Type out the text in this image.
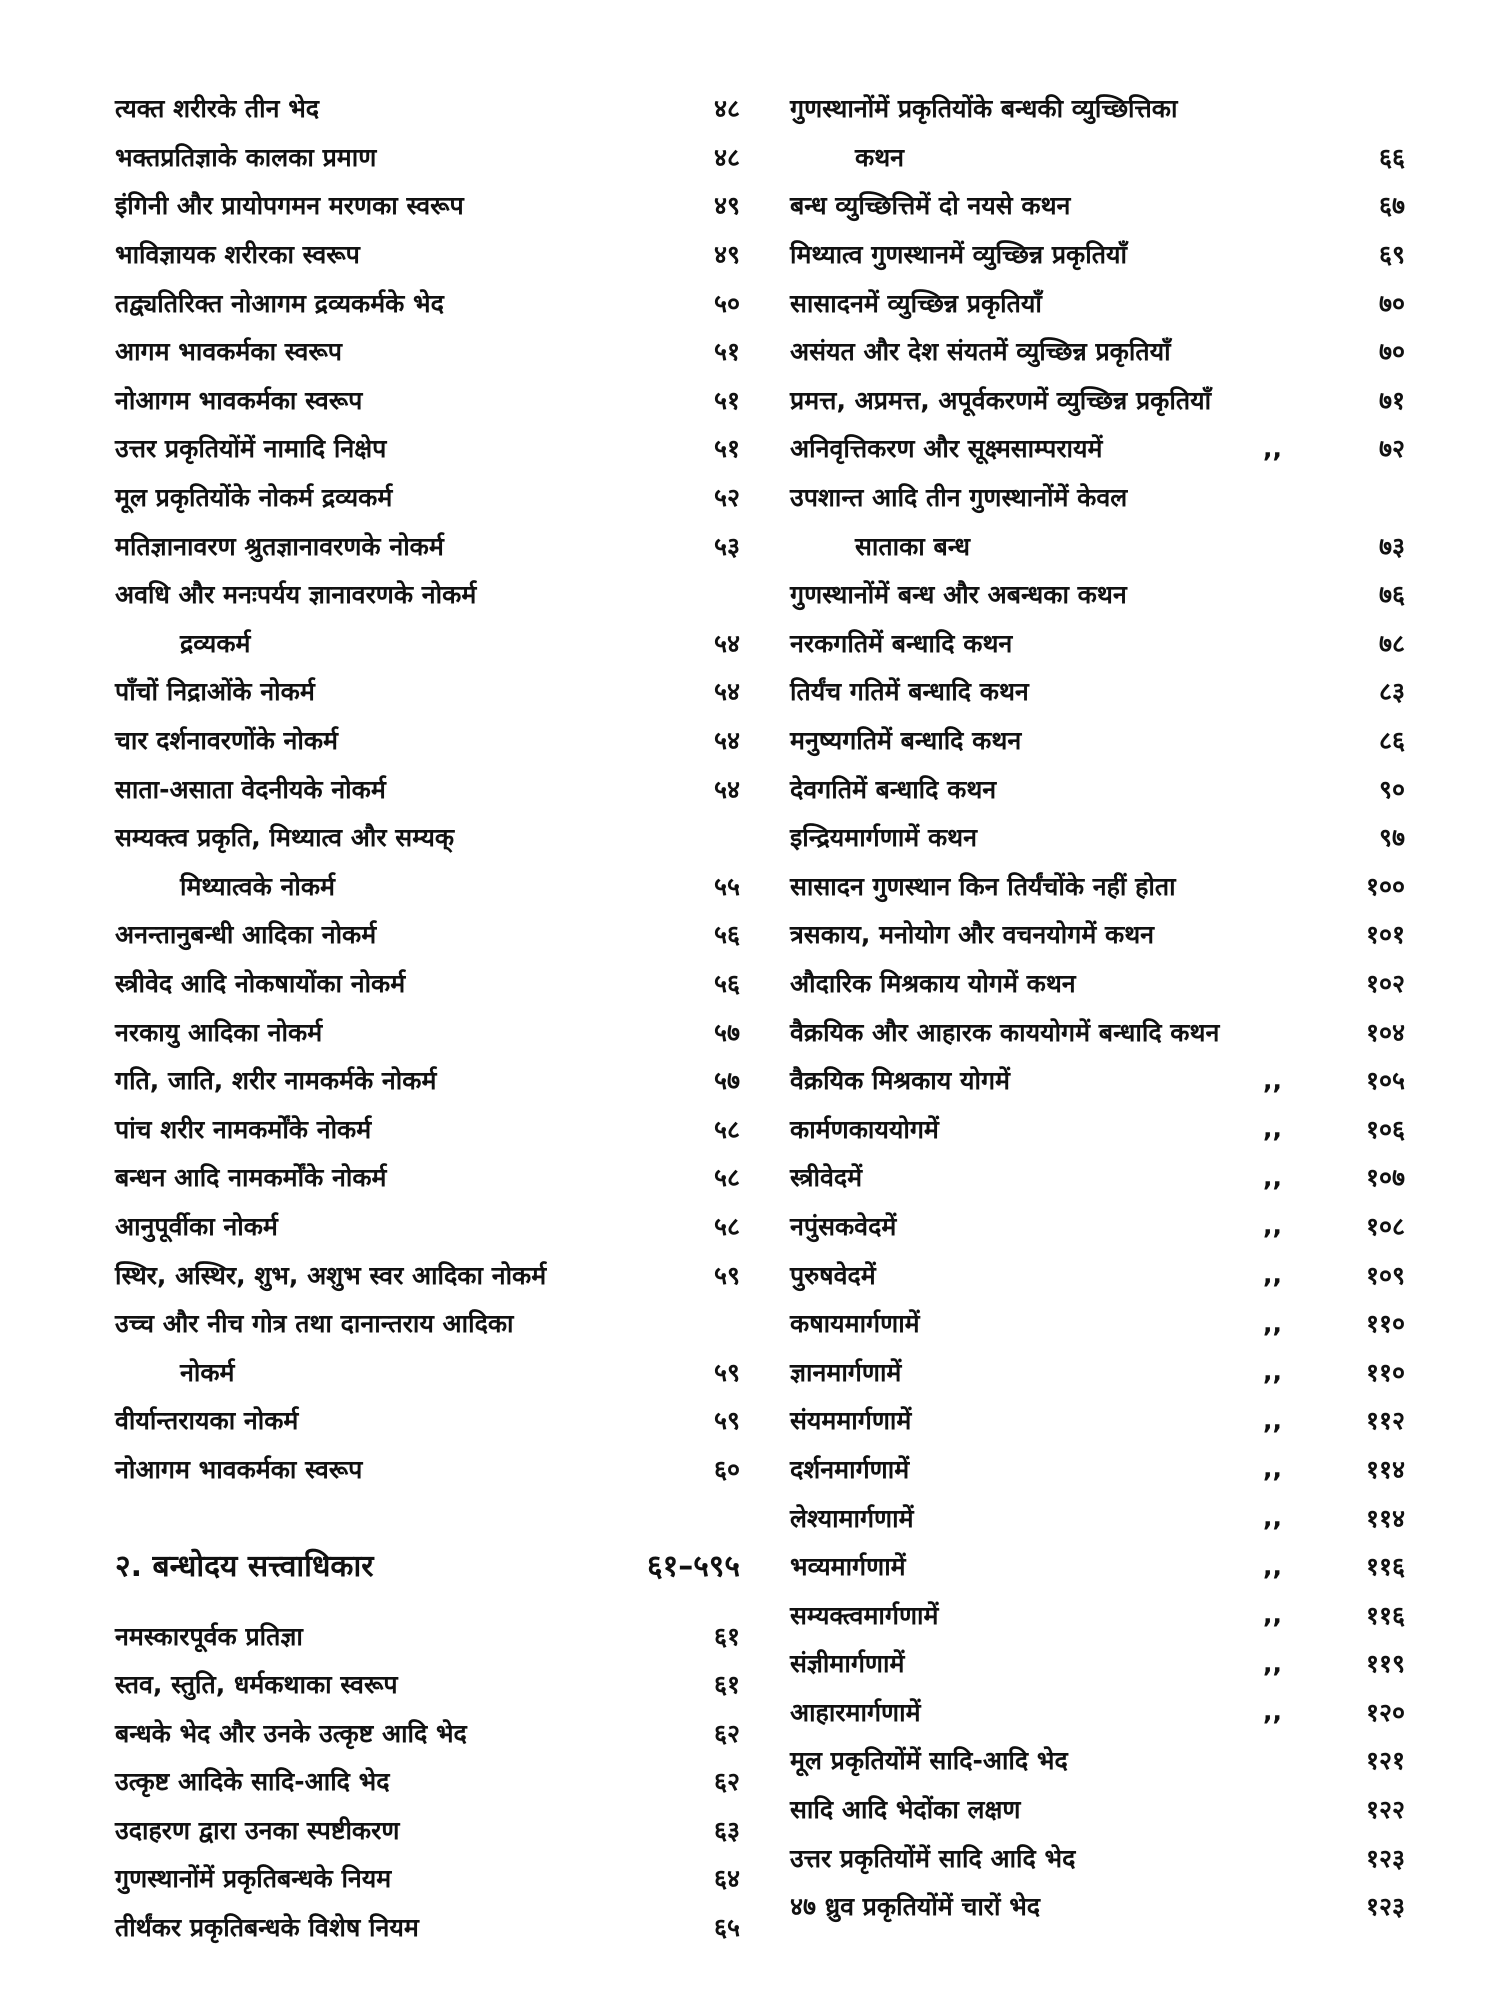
त्यक्त शरीरके तीन भेद	४८
भक्तप्रतिज्ञाके कालका प्रमाण	४८
इंगिनी और प्रायोपगमन मरणका स्वरूप	४९
भाविज्ञायक शरीरका स्वरूप	४९
तद्व्यतिरिक्त नोआगम द्रव्यकर्मके भेद	५०
आगम भावकर्मका स्वरूप	५१
नोआगम भावकर्मका स्वरूप	५१
उत्तर प्रकृतियोंमें नामादि निक्षेप	५१
मूल प्रकृतियोंके नोकर्म द्रव्यकर्म	५२
मतिज्ञानावरण श्रुतज्ञानावरणके नोकर्म	५३
अवधि और मनःपर्यय ज्ञानावरणके नोकर्म
द्रव्यकर्म	५४
पाँचों निद्राओंके नोकर्म	५४
चार दर्शनावरणोंके नोकर्म	५४
साता-असाता वेदनीयके नोकर्म	५४
सम्यक्त्व प्रकृति, मिथ्यात्व और सम्यक्
मिथ्यात्वके नोकर्म	५५
अनन्तानुबन्धी आदिका नोकर्म	५६
स्त्रीवेद आदि नोकषायोंका नोकर्म	५६
नरकायु आदिका नोकर्म	५७
गति, जाति, शरीर नामकर्मके नोकर्म	५७
पांच शरीर नामकर्मोंके नोकर्म	५८
बन्धन आदि नामकर्मोंके नोकर्म	५८
आनुपूर्वीका नोकर्म	५८
स्थिर, अस्थिर, शुभ, अशुभ स्वर आदिका नोकर्म	५९
उच्च और नीच गोत्र तथा दानान्तराय आदिका
नोकर्म	५९
वीर्यान्तरायका नोकर्म	५९
नोआगम भावकर्मका स्वरूप	६०
२. बन्धोदय सत्त्वाधिकार	६१–५९५
नमस्कारपूर्वक प्रतिज्ञा	६१
स्तव, स्तुति, धर्मकथाका स्वरूप	६१
बन्धके भेद और उनके उत्कृष्ट आदि भेद	६२
उत्कृष्ट आदिके सादि-आदि भेद	६२
उदाहरण द्वारा उनका स्पष्टीकरण	६३
गुणस्थानोंमें प्रकृतिबन्धके नियम	६४
तीर्थंकर प्रकृतिबन्धके विशेष नियम	६५
गुणस्थानोंमें प्रकृतियोंके बन्धकी व्युच्छित्तिका
कथन	६६
बन्ध व्युच्छित्तिमें दो नयसे कथन	६७
मिथ्यात्व गुणस्थानमें व्युच्छिन्न प्रकृतियाँ	६९
सासादनमें व्युच्छिन्न प्रकृतियाँ	७०
असंयत और देश संयतमें व्युच्छिन्न प्रकृतियाँ	७०
प्रमत्त, अप्रमत्त, अपूर्वकरणमें व्युच्छिन्न प्रकृतियाँ	७१
अनिवृत्तिकरण और सूक्ष्मसाम्परायमें	,,	७२
उपशान्त आदि तीन गुणस्थानोंमें केवल
साताका बन्ध	७३
गुणस्थानोंमें बन्ध और अबन्धका कथन	७६
नरकगतिमें बन्धादि कथन	७८
तिर्यंच गतिमें बन्धादि कथन	८३
मनुष्यगतिमें बन्धादि कथन	८६
देवगतिमें बन्धादि कथन	९०
इन्द्रियमार्गणामें कथन	९७
सासादन गुणस्थान किन तिर्यंचोंके नहीं होता	१००
त्रसकाय, मनोयोग और वचनयोगमें कथन	१०१
औदारिक मिश्रकाय योगमें कथन	१०२
वैक्रयिक और आहारक काययोगमें बन्धादि कथन	१०४
वैक्रयिक मिश्रकाय योगमें	,,	१०५
कार्मणकाययोगमें	,,	१०६
स्त्रीवेदमें	,,	१०७
नपुंसकवेदमें	,,	१०८
पुरुषवेदमें	,,	१०९
कषायमार्गणामें	,,	११०
ज्ञानमार्गणामें	,,	११०
संयममार्गणामें	,,	११२
दर्शनमार्गणामें	,,	११४
लेश्यामार्गणामें	,,	११४
भव्यमार्गणामें	,,	११६
सम्यक्त्वमार्गणामें	,,	११६
संज्ञीमार्गणामें	,,	११९
आहारमार्गणामें	,,	१२०
मूल प्रकृतियोंमें सादि-आदि भेद	१२१
सादि आदि भेदोंका लक्षण	१२२
उत्तर प्रकृतियोंमें सादि आदि भेद	१२३
४७ ध्रुव प्रकृतियोंमें चारों भेद	१२३
